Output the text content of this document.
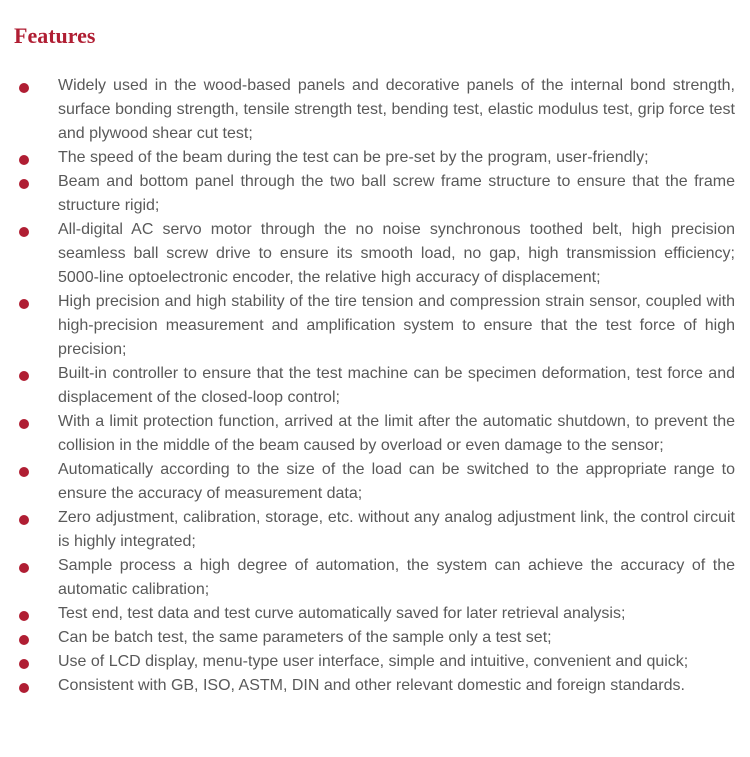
Features
Widely used in the wood-based panels and decorative panels of the internal bond strength, surface bonding strength, tensile strength test, bending test, elastic modulus test, grip force test and plywood shear cut test;
The speed of the beam during the test can be pre-set by the program, user-friendly;
Beam and bottom panel through the two ball screw frame structure to ensure that the frame structure rigid;
All-digital AC servo motor through the no noise synchronous toothed belt, high precision seamless ball screw drive to ensure its smooth load, no gap, high transmission efficiency; 5000-line optoelectronic encoder, the relative high accuracy of displacement;
High precision and high stability of the tire tension and compression strain sensor, coupled with high-precision measurement and amplification system to ensure that the test force of high precision;
Built-in controller to ensure that the test machine can be specimen deformation, test force and displacement of the closed-loop control;
With a limit protection function, arrived at the limit after the automatic shutdown, to prevent the collision in the middle of the beam caused by overload or even damage to the sensor;
Automatically according to the size of the load can be switched to the appropriate range to ensure the accuracy of measurement data;
Zero adjustment, calibration, storage, etc. without any analog adjustment link, the control circuit is highly integrated;
Sample process a high degree of automation, the system can achieve the accuracy of the automatic calibration;
Test end, test data and test curve automatically saved for later retrieval analysis;
Can be batch test, the same parameters of the sample only a test set;
Use of LCD display, menu-type user interface, simple and intuitive, convenient and quick;
Consistent with GB, ISO, ASTM, DIN and other relevant domestic and foreign standards.
